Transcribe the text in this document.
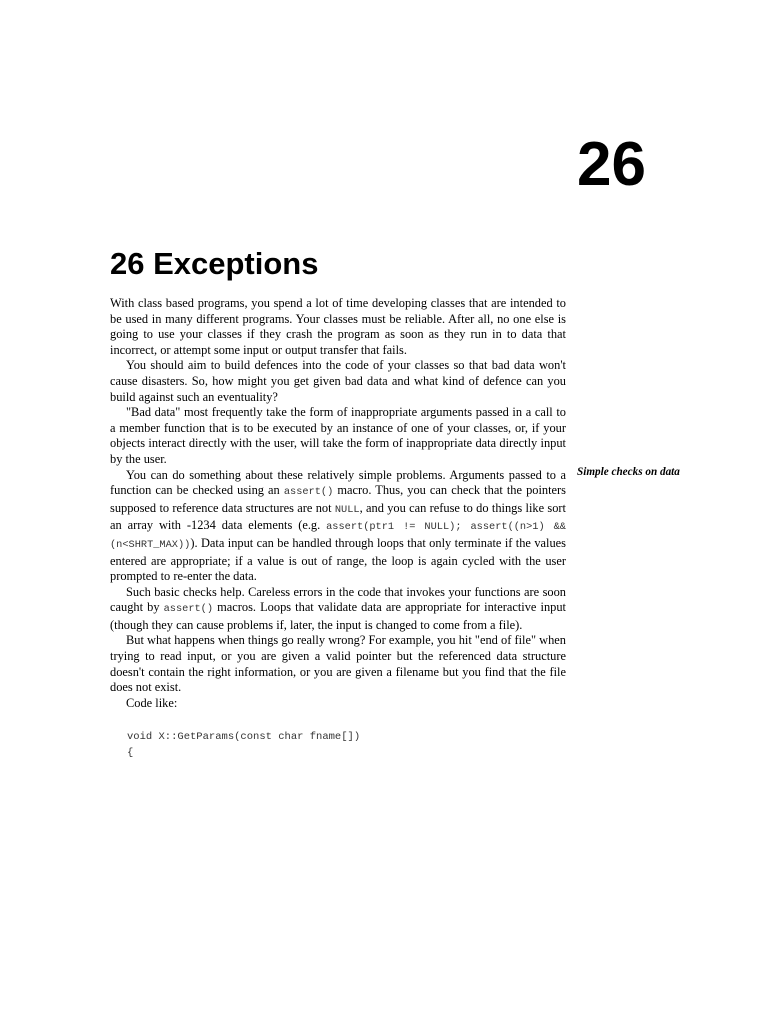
26
26 Exceptions

With class based programs, you spend a lot of time developing classes that are intended to be used in many different programs. Your classes must be reliable. After all, no one else is going to use your classes if they crash the program as soon as they run in to data that incorrect, or attempt some input or output transfer that fails.

You should aim to build defences into the code of your classes so that bad data won't cause disasters. So, how might you get given bad data and what kind of defence can you build against such an eventuality?

"Bad data" most frequently take the form of inappropriate arguments passed in a call to a member function that is to be executed by an instance of one of your classes, or, if your objects interact directly with the user, will take the form of inappropriate data directly input by the user.

You can do something about these relatively simple problems. Arguments passed to a function can be checked using an assert() macro. Thus, you can check that the pointers supposed to reference data structures are not NULL, and you can refuse to do things like sort an array with -1234 data elements (e.g. assert(ptr1 != NULL); assert((n>1) && (n<SHRT_MAX))). Data input can be handled through loops that only terminate if the values entered are appropriate; if a value is out of range, the loop is again cycled with the user prompted to re-enter the data.

Such basic checks help. Careless errors in the code that invokes your functions are soon caught by assert() macros. Loops that validate data are appropriate for interactive input (though they can cause problems if, later, the input is changed to come from a file).

But what happens when things go really wrong? For example, you hit "end of file" when trying to read input, or you are given a valid pointer but the referenced data structure doesn't contain the right information, or you are given a filename but you find that the file does not exist.

Code like:

void X::GetParams(const char fname[])
{
Simple checks on data
